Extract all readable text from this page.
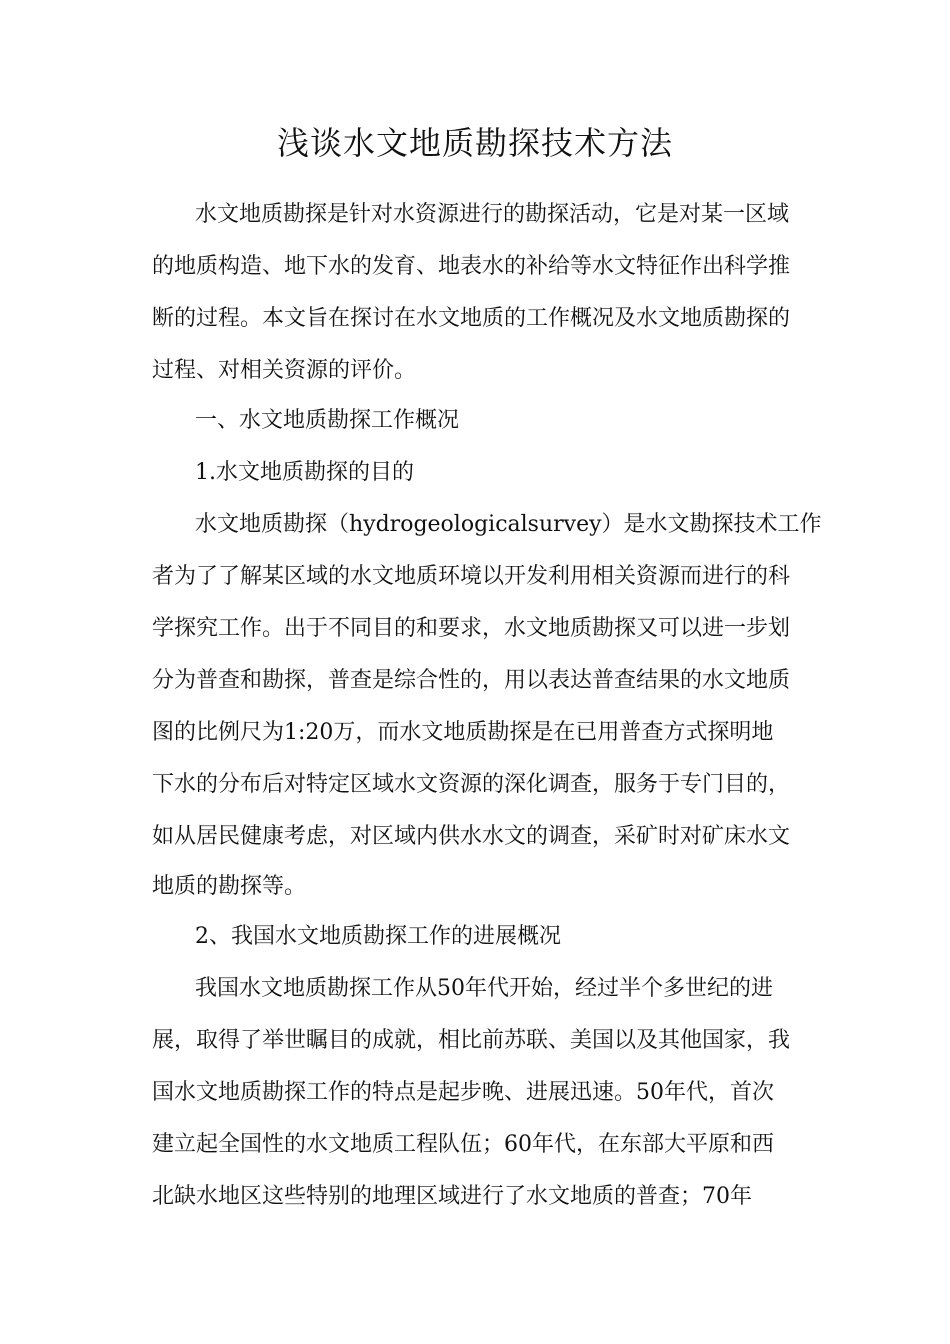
浅谈水文地质勘探技术方法
水文地质勘探是针对水资源进行的勘探活动，它是对某一区域
的地质构造、地下水的发育、地表水的补给等水文特征作出科学推
断的过程。本文旨在探讨在水文地质的工作概况及水文地质勘探的
过程、对相关资源的评价。
一、水文地质勘探工作概况
1.水文地质勘探的目的
水文地质勘探（hydrogeologicalsurvey）是水文勘探技术工作
者为了了解某区域的水文地质环境以开发利用相关资源而进行的科
学探究工作。出于不同目的和要求，水文地质勘探又可以进一步划
分为普查和勘探，普查是综合性的，用以表达普查结果的水文地质
图的比例尺为1:20万，而水文地质勘探是在已用普查方式探明地
下水的分布后对特定区域水文资源的深化调查，服务于专门目的，
如从居民健康考虑，对区域内供水水文的调查，采矿时对矿床水文
地质的勘探等。
2、我国水文地质勘探工作的进展概况
我国水文地质勘探工作从50年代开始，经过半个多世纪的进
展，取得了举世瞩目的成就，相比前苏联、美国以及其他国家，我
国水文地质勘探工作的特点是起步晚、进展迅速。50年代，首次
建立起全国性的水文地质工程队伍；60年代，在东部大平原和西
北缺水地区这些特别的地理区域进行了水文地质的普查；70年
